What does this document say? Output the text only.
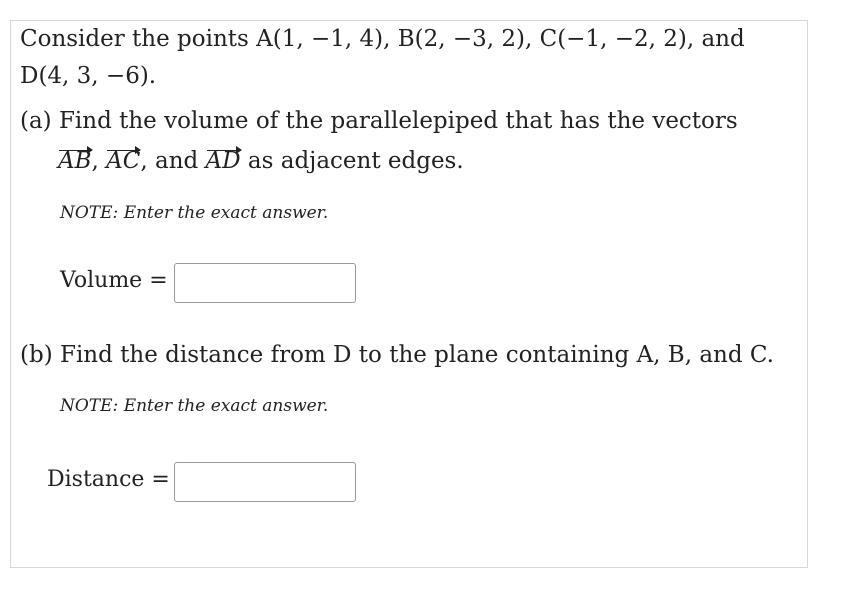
Consider the points A(1, −1, 4), B(2, −3, 2), C(−1, −2, 2), and
D(4, 3, −6).
(a) Find the volume of the parallelepiped that has the vectors
AB, AC, and AD as adjacent edges.
NOTE: Enter the exact answer.
Volume =
(b) Find the distance from D to the plane containing A, B, and C.
NOTE: Enter the exact answer.
Distance =
